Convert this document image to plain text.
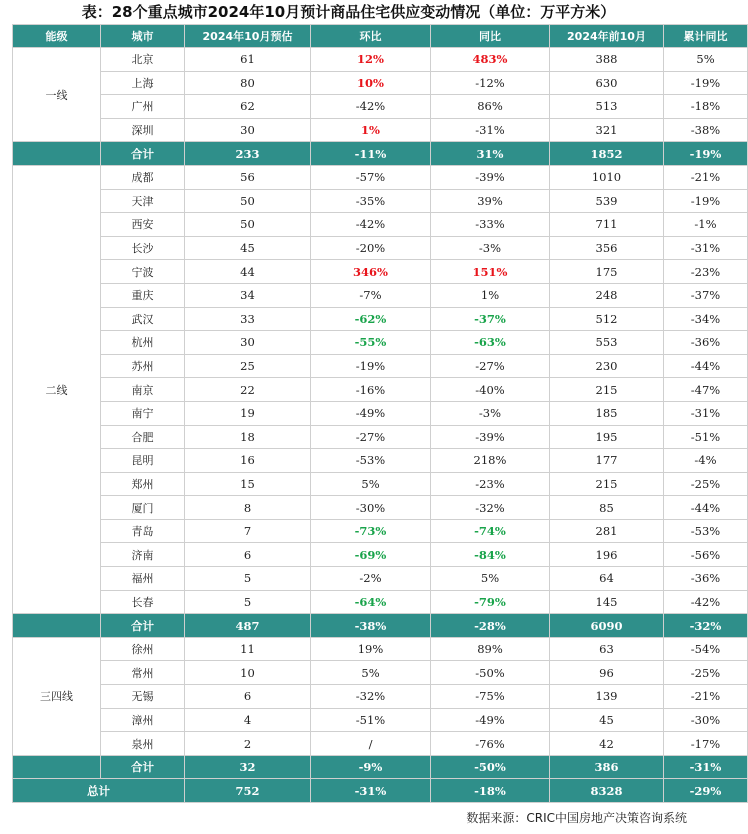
表：28个重点城市2024年10月预计商品住宅供应变动情况（单位：万平方米）
能级	城市	2024年10月预估	环比	同比	2024年前10月	累计同比
一线	北京	61	12%	483%	388	5%
	上海	80	10%	-12%	630	-19%
	广州	62	-42%	86%	513	-18%
	深圳	30	1%	-31%	321	-38%
	合计	233	-11%	31%	1852	-19%
二线	成都	56	-57%	-39%	1010	-21%
	天津	50	-35%	39%	539	-19%
	西安	50	-42%	-33%	711	-1%
	长沙	45	-20%	-3%	356	-31%
	宁波	44	346%	151%	175	-23%
	重庆	34	-7%	1%	248	-37%
	武汉	33	-62%	-37%	512	-34%
	杭州	30	-55%	-63%	553	-36%
	苏州	25	-19%	-27%	230	-44%
	南京	22	-16%	-40%	215	-47%
	南宁	19	-49%	-3%	185	-31%
	合肥	18	-27%	-39%	195	-51%
	昆明	16	-53%	218%	177	-4%
	郑州	15	5%	-23%	215	-25%
	厦门	8	-30%	-32%	85	-44%
	青岛	7	-73%	-74%	281	-53%
	济南	6	-69%	-84%	196	-56%
	福州	5	-2%	5%	64	-36%
	长春	5	-64%	-79%	145	-42%
	合计	487	-38%	-28%	6090	-32%
三四线	徐州	11	19%	89%	63	-54%
	常州	10	5%	-50%	96	-25%
	无锡	6	-32%	-75%	139	-21%
	漳州	4	-51%	-49%	45	-30%
	泉州	2	/	-76%	42	-17%
	合计	32	-9%	-50%	386	-31%
总计		752	-31%	-18%	8328	-29%
数据来源：CRIC中国房地产决策咨询系统
